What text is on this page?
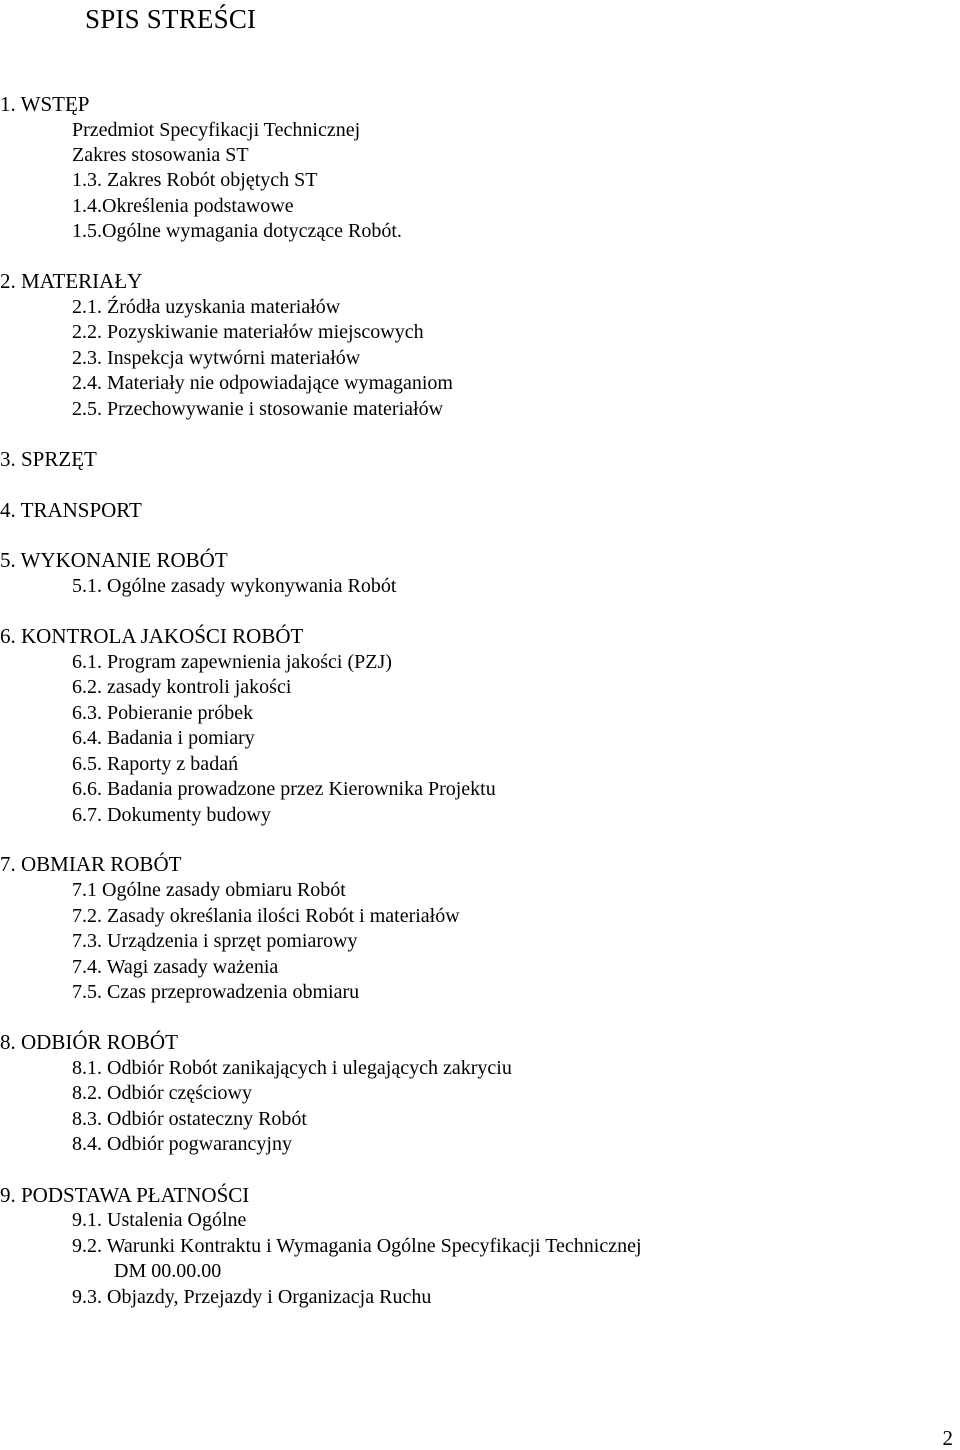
SPIS STREŚCI
1. WSTĘP
Przedmiot Specyfikacji Technicznej
Zakres stosowania ST
1.3. Zakres Robót objętych ST
1.4.Określenia podstawowe
1.5.Ogólne wymagania dotyczące Robót.
2. MATERIAŁY
2.1. Źródła uzyskania materiałów
2.2. Pozyskiwanie materiałów miejscowych
2.3. Inspekcja wytwórni materiałów
2.4. Materiały nie odpowiadające wymaganiom
2.5. Przechowywanie i stosowanie materiałów
3. SPRZĘT
4. TRANSPORT
5. WYKONANIE ROBÓT
5.1. Ogólne zasady wykonywania Robót
6. KONTROLA JAKOŚCI ROBÓT
6.1. Program zapewnienia jakości (PZJ)
6.2. zasady kontroli jakości
6.3. Pobieranie próbek
6.4. Badania i pomiary
6.5. Raporty z badań
6.6. Badania prowadzone przez Kierownika Projektu
6.7. Dokumenty budowy
7. OBMIAR ROBÓT
7.1 Ogólne zasady obmiaru Robót
7.2. Zasady określania ilości Robót i materiałów
7.3. Urządzenia i sprzęt pomiarowy
7.4. Wagi zasady ważenia
7.5. Czas przeprowadzenia obmiaru
8. ODBIÓR ROBÓT
8.1. Odbiór Robót zanikających i ulegających zakryciu
8.2. Odbiór częściowy
8.3. Odbiór ostateczny Robót
8.4. Odbiór pogwarancyjny
9. PODSTAWA PŁATNOŚCI
9.1. Ustalenia Ogólne
9.2. Warunki Kontraktu i Wymagania Ogólne Specyfikacji Technicznej
DM 00.00.00
9.3. Objazdy, Przejazdy i Organizacja Ruchu
2
